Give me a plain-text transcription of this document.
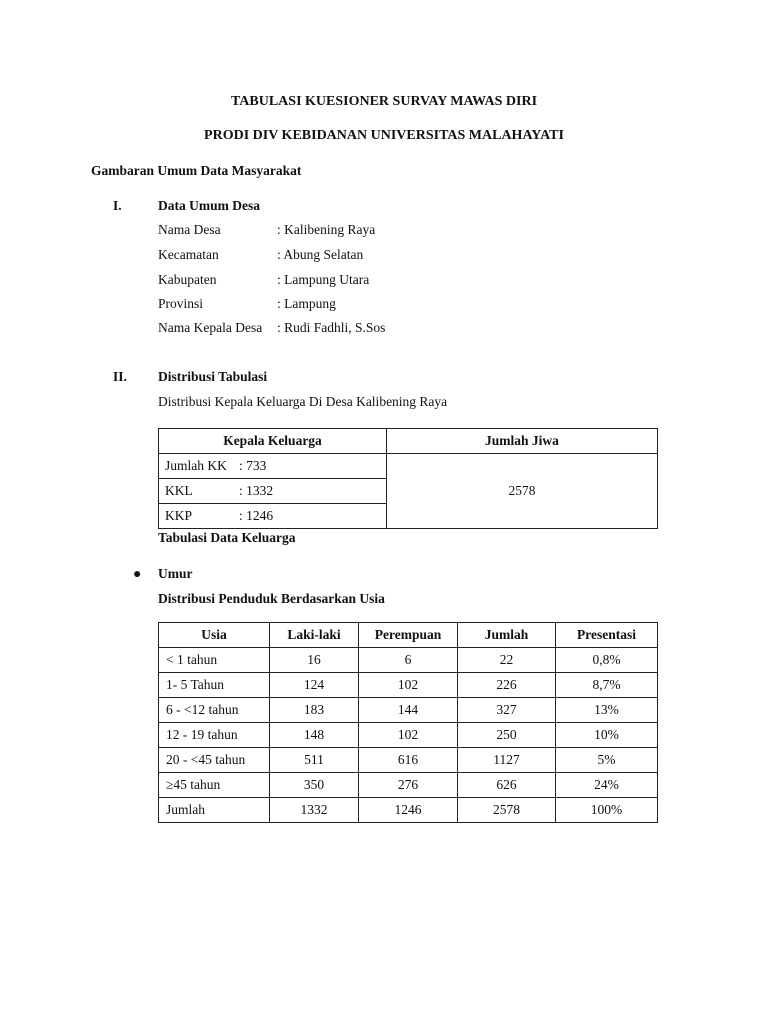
TABULASI KUESIONER SURVAY MAWAS DIRI
PRODI DIV KEBIDANAN UNIVERSITAS MALAHAYATI
Gambaran Umum Data Masyarakat
I.	Data Umum Desa
Nama Desa	: Kalibening Raya
Kecamatan	: Abung Selatan
Kabupaten	: Lampung Utara
Provinsi	: Lampung
Nama Kepala Desa : Rudi Fadhli, S.Sos
II. Distribusi Tabulasi
Distribusi Kepala Keluarga Di Desa Kalibening Raya
Kepala Keluarga	Jumlah Jiwa
Jumlah KK : 733	2578
KKL : 1332	
KKP : 1246	
Tabulasi Data Keluarga
● Umur
Distribusi Penduduk Berdasarkan Usia
Usia	Laki-laki	Perempuan	Jumlah	Presentasi
< 1 tahun	16	6	22	0,8%
1- 5 Tahun	124	102	226	8,7%
6 - <12 tahun	183	144	327	13%
12 - 19 tahun	148	102	250	10%
20 - <45 tahun	511	616	1127	5%
≥45 tahun	350	276	626	24%
Jumlah	1332	1246	2578	100%
